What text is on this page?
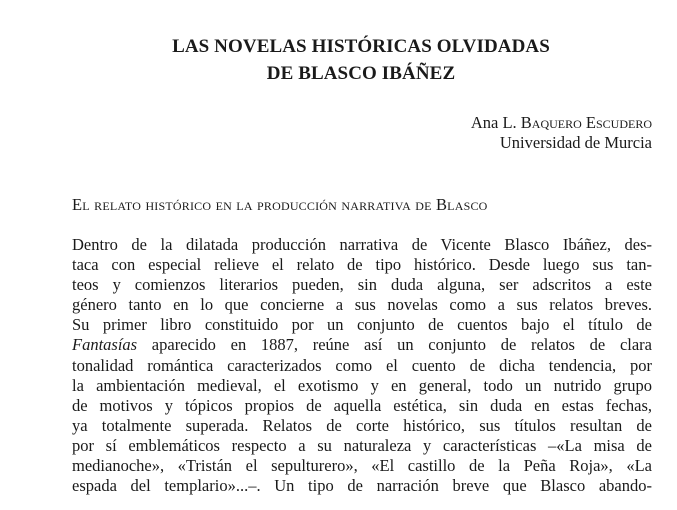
LAS NOVELAS HISTÓRICAS OLVIDADAS
DE BLASCO IBÁÑEZ
Ana L. Baquero Escudero
Universidad de Murcia
El relato histórico en la producción narrativa de Blasco
Dentro de la dilatada producción narrativa de Vicente Blasco Ibáñez, des-
taca con especial relieve el relato de tipo histórico. Desde luego sus tan-
teos y comienzos literarios pueden, sin duda alguna, ser adscritos a este
género tanto en lo que concierne a sus novelas como a sus relatos breves.
Su primer libro constituido por un conjunto de cuentos bajo el título de
Fantasías aparecido en 1887, reúne así un conjunto de relatos de clara
tonalidad romántica caracterizados como el cuento de dicha tendencia, por
la ambientación medieval, el exotismo y en general, todo un nutrido grupo
de motivos y tópicos propios de aquella estética, sin duda en estas fechas,
ya totalmente superada. Relatos de corte histórico, sus títulos resultan de
por sí emblemáticos respecto a su naturaleza y características –«La misa de
medianoche», «Tristán el sepulturero», «El castillo de la Peña Roja», «La
espada del templario»...–. Un tipo de narración breve que Blasco abando-
